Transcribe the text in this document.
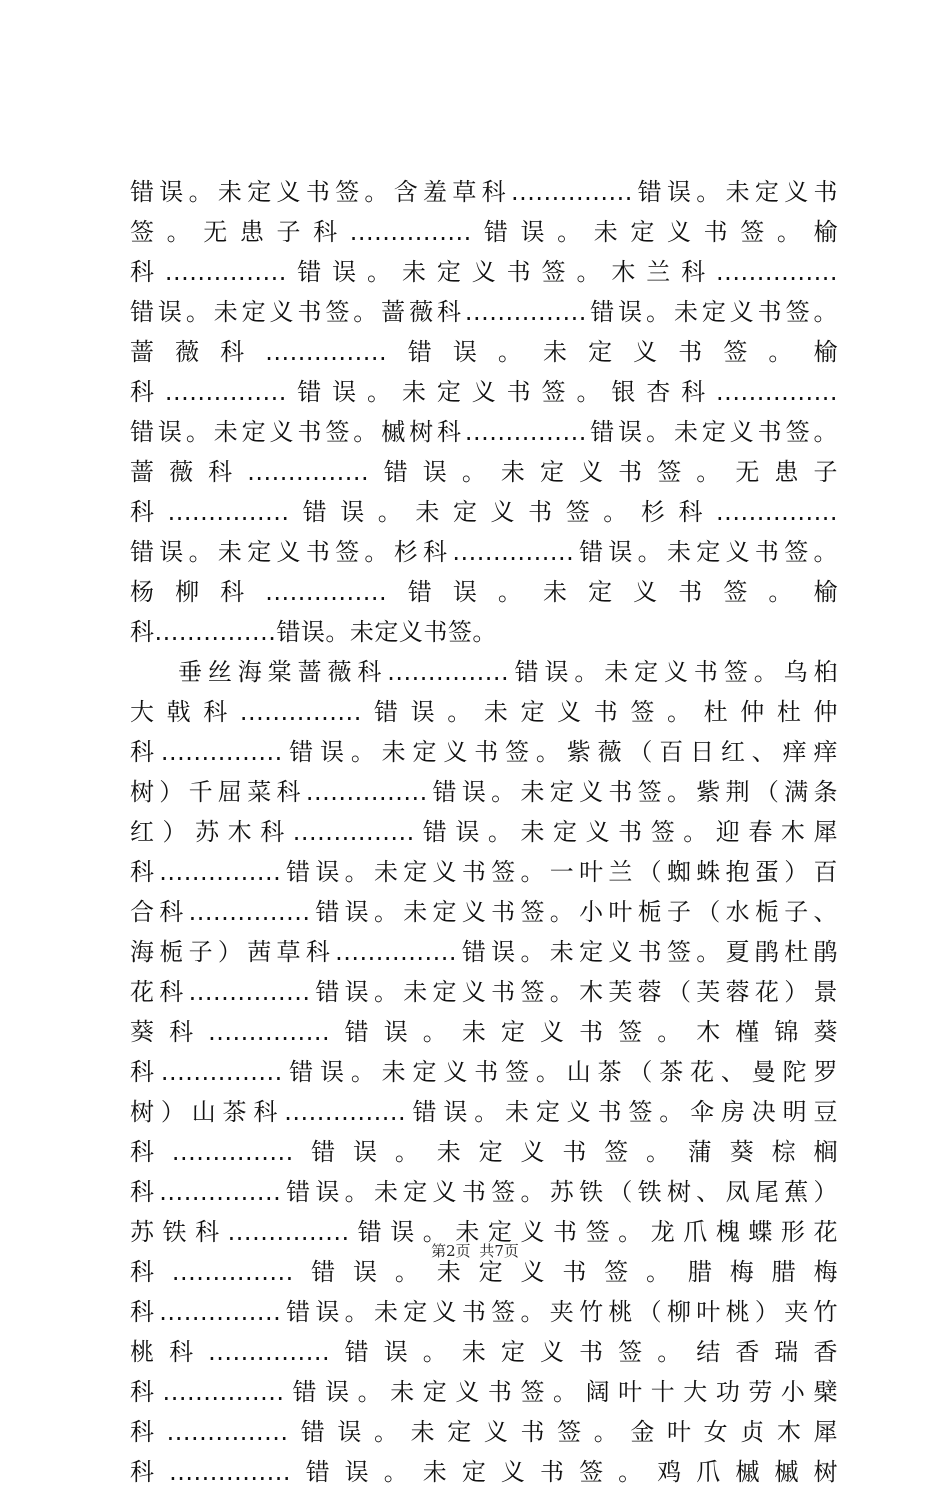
错误。未定义书签。含羞草科...............错误。未定义书
签。无患子科...............错误。未定义书签。榆
科...............错误。未定义书签。木兰科...............
错误。未定义书签。蔷薇科...............错误。未定义书签。
蔷薇科...............错误。未定义书签。榆
科...............错误。未定义书签。银杏科...............
错误。未定义书签。槭树科...............错误。未定义书签。
蔷薇科...............错误。未定义书签。无患子
科...............错误。未定义书签。杉科...............
错误。未定义书签。杉科...............错误。未定义书签。
杨柳科...............错误。未定义书签。榆
科...............错误。未定义书签。
垂丝海棠蔷薇科...............错误。未定义书签。乌桕
大戟科...............错误。未定义书签。杜仲杜仲
科...............错误。未定义书签。紫薇（百日红、痒痒
树）千屈菜科...............错误。未定义书签。紫荆（满条
红）苏木科...............错误。未定义书签。迎春木犀
科...............错误。未定义书签。一叶兰（蜘蛛抱蛋）百
合科...............错误。未定义书签。小叶栀子（水栀子、
海栀子）茜草科...............错误。未定义书签。夏鹃杜鹃
花科...............错误。未定义书签。木芙蓉（芙蓉花）景
葵科...............错误。未定义书签。木槿锦葵
科...............错误。未定义书签。山茶（茶花、曼陀罗
树）山茶科...............错误。未定义书签。伞房决明豆
科...............错误。未定义书签。蒲葵棕榈
科...............错误。未定义书签。苏铁（铁树、凤尾蕉）
苏铁科...............错误。未定义书签。龙爪槐蝶形花
科...............错误。未定义书签。腊梅腊梅
科...............错误。未定义书签。夹竹桃（柳叶桃）夹竹
桃科...............错误。未定义书签。结香瑞香
科...............错误。未定义书签。阔叶十大功劳小檗
科...............错误。未定义书签。金叶女贞木犀
科...............错误。未定义书签。鸡爪槭槭树
第2页 共7页
